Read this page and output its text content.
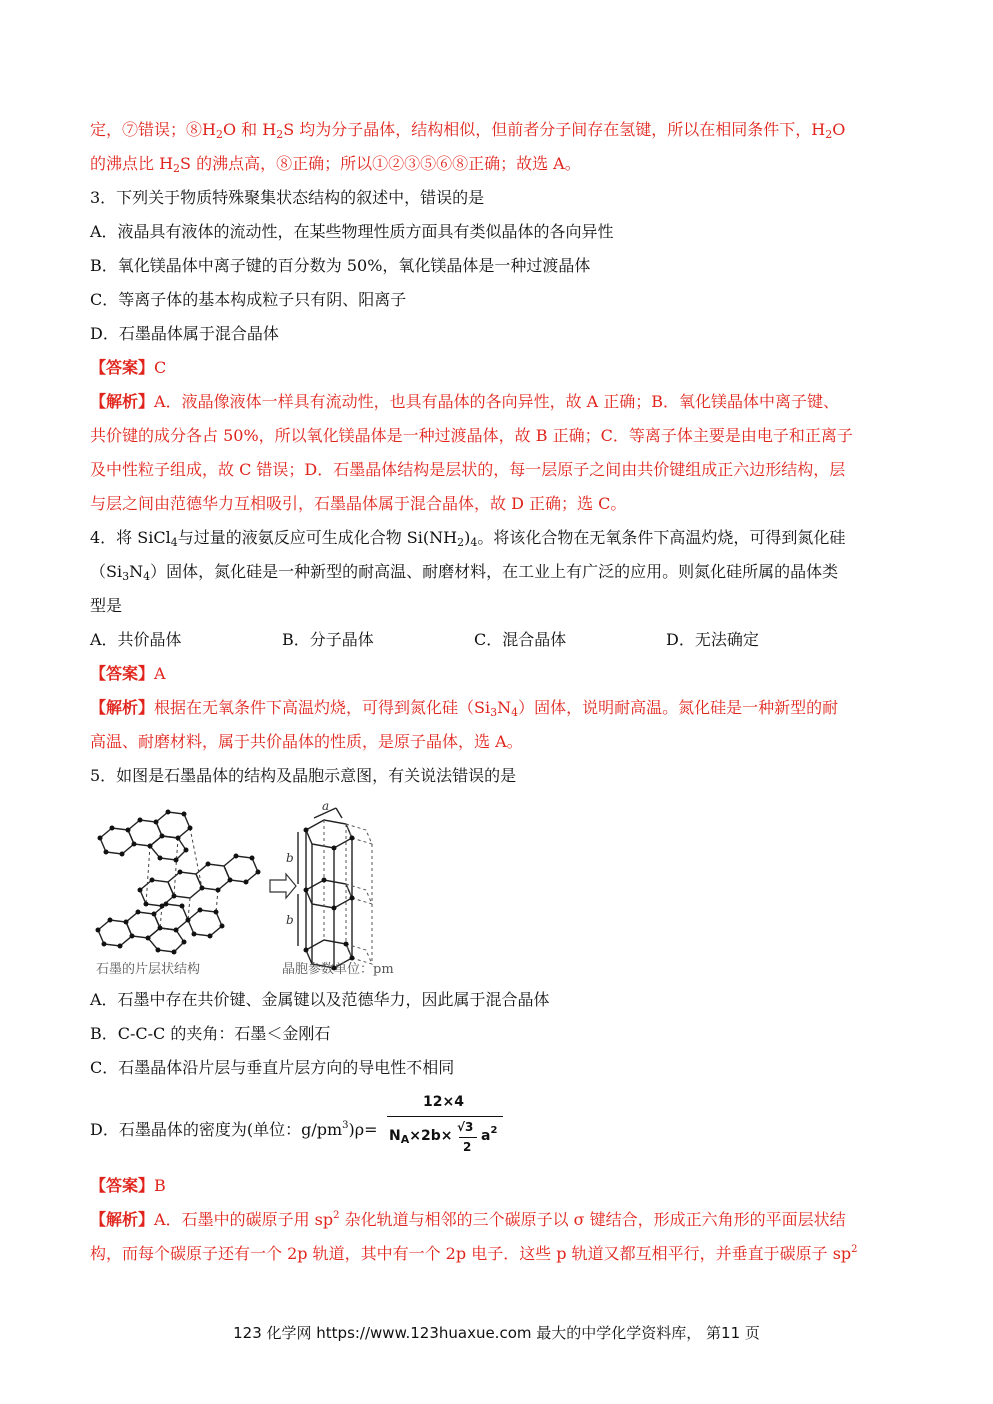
定，⑦错误；$⑧H_2O$ 和 $H_2S$ 均为分子晶体，结构相似，但前者分子间存在氢键，所以在相同条件下，$H_2O$
的沸点比 $H_2S$ 的沸点高，⑧正确；所以①②③⑤⑥⑧正确；故选 A。
3．下列关于物质特殊聚集状态结构的叙述中，错误的是
A．液晶具有液体的流动性，在某些物理性质方面具有类似晶体的各向异性
B．氧化镁晶体中离子键的百分数为 50%，氧化镁晶体是一种过渡晶体
C．等离子体的基本构成粒子只有阴、阳离子
D．石墨晶体属于混合晶体
【答案】C
【解析】A．液晶像液体一样具有流动性，也具有晶体的各向异性，故 A 正确；B．氧化镁晶体中离子键、
共价键的成分各占 50%，所以氧化镁晶体是一种过渡晶体，故 B 正确；C．等离子体主要是由电子和正离子
及中性粒子组成，故 C 错误；D．石墨晶体结构是层状的，每一层原子之间由共价键组成正六边形结构，层
与层之间由范德华力互相吸引，石墨晶体属于混合晶体，故 D 正确；选 C。
4．将 SiCl$_4$与过量的液氨反应可生成化合物 $Si(NH_2)_4$。将该化合物在无氧条件下高温灼烧，可得到氮化硅
$(Si_3N_4)$固体，氮化硅是一种新型的耐高温、耐磨材料，在工业上有广泛的应用。则氮化硅所属的晶体类
型是
A．共价晶体	B．分子晶体	C．混合晶体	D．无法确定
【答案】A
【解析】根据在无氧条件下高温灼烧，可得到氮化硅$(Si_3N_4)$固体，说明耐高温。氮化硅是一种新型的耐
高温、耐磨材料，属于共价晶体的性质，是原子晶体，选 A。
5．如图是石墨晶体的结构及晶胞示意图，有关说法错误的是
a
b
b
石墨的片层状结构	晶胞参数单位：pm
A．石墨中存在共价键、金属键以及范德华力，因此属于混合晶体
B．C-C-C 的夹角：石墨＜金刚石
C．石墨晶体沿片层与垂直片层方向的导电性不相同
D．石墨晶体的密度为(单位：$g/pm^3)\rho=$
12×4
$N_A\times 2b\times$
√3
2
$a^2$
【答案】B
【解析】A．石墨中的碳原子用 $sp^2$ 杂化轨道与相邻的三个碳原子以 σ 键结合，形成正六角形的平面层状结
构，而每个碳原子还有一个 2p 轨道，其中有一个 2p 电子．这些 p 轨道又都互相平行，并垂直于碳原子 $sp^2$
123 化学网 https://www.123huaxue.com 最大的中学化学资料库， 第11 页
